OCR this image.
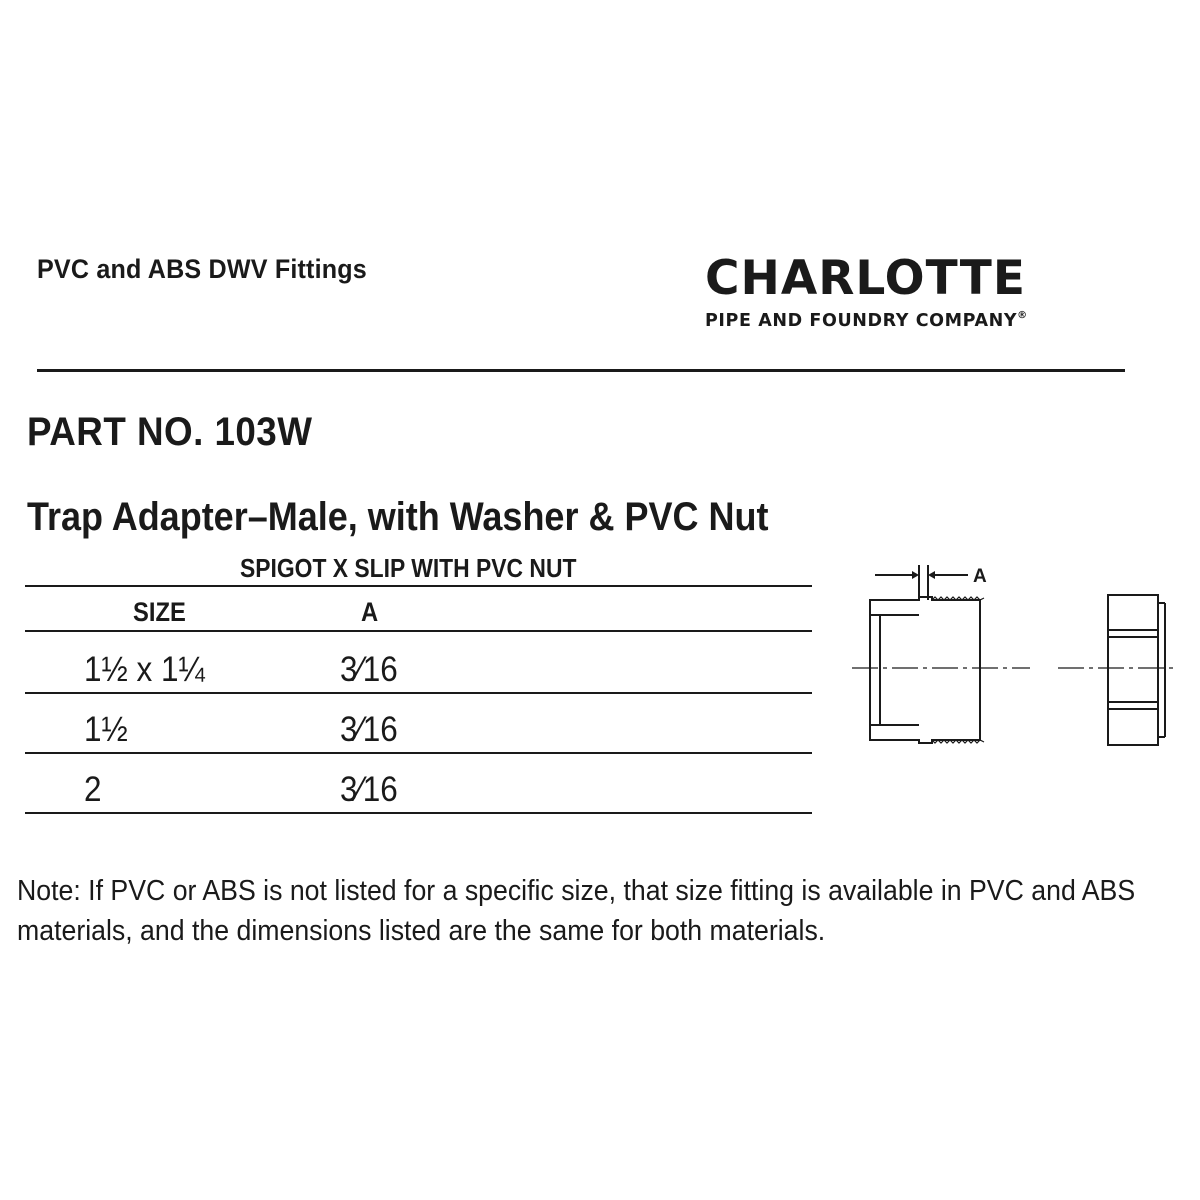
PVC and ABS DWV Fittings	CHARLOTTE
PIPE AND FOUNDRY COMPANY®
PART NO. 103W
Trap Adapter–Male, with Washer & PVC Nut
SPIGOT X SLIP WITH PVC NUT
SIZE	A
1½ x 1¼	3⁄16
1½	3⁄16
2	3⁄16
A
Note: If PVC or ABS is not listed for a specific size, that size fitting is available in PVC and ABS materials, and the dimensions listed are the same for both materials.
